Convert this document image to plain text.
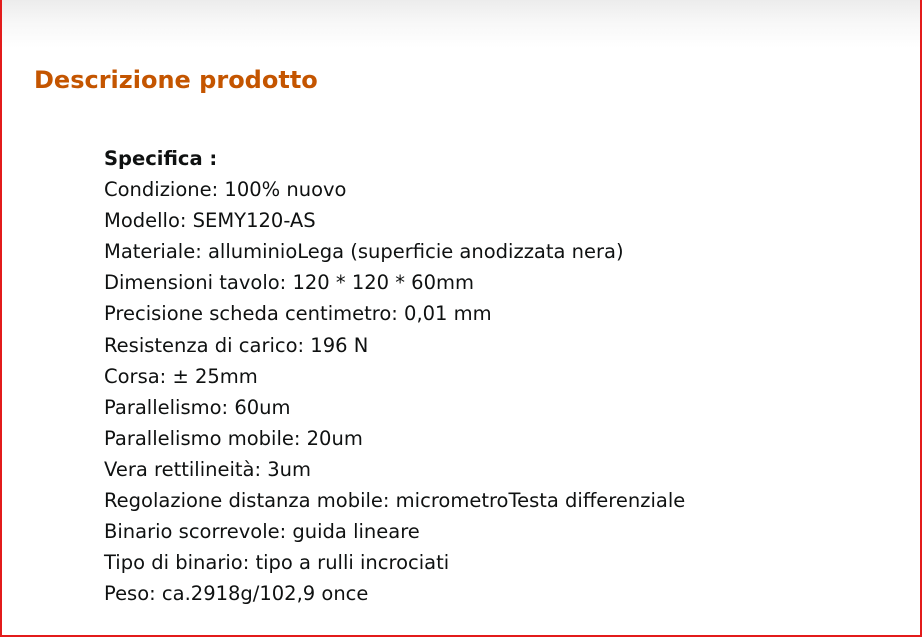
Descrizione prodotto
Specifica :
Condizione: 100% nuovo
Modello: SEMY120-AS
Materiale: alluminioLega (superficie anodizzata nera)
Dimensioni tavolo: 120 * 120 * 60mm
Precisione scheda centimetro: 0,01 mm
Resistenza di carico: 196 N
Corsa: ± 25mm
Parallelismo: 60um
Parallelismo mobile: 20um
Vera rettilineità: 3um
Regolazione distanza mobile: micrometroTesta differenziale
Binario scorrevole: guida lineare
Tipo di binario: tipo a rulli incrociati
Peso: ca.2918g/102,9 once
